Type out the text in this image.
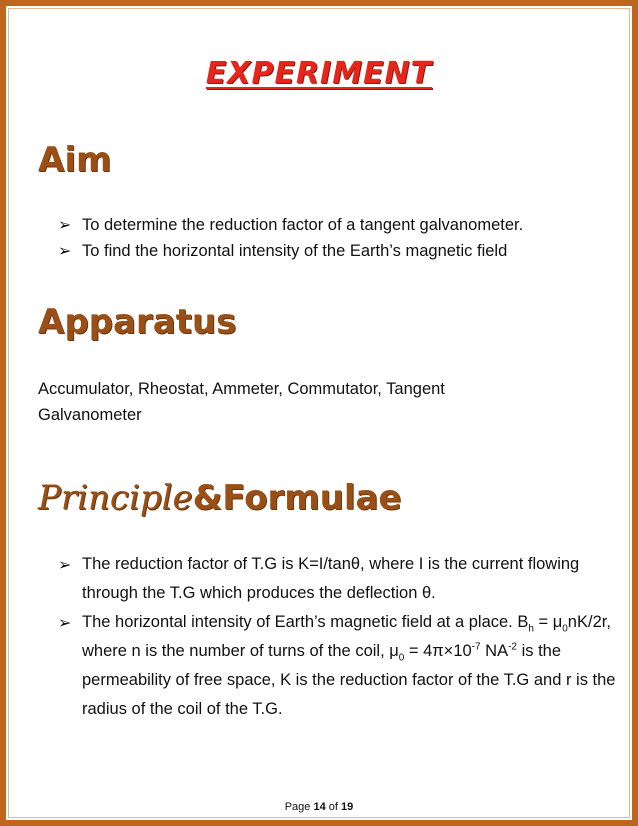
EXPERIMENT
Aim
➢ To determine the reduction factor of a tangent galvanometer.
➢ To find the horizontal intensity of the Earth’s magnetic field
Apparatus

Accumulator, Rheostat, Ammeter, Commutator, Tangent Galvanometer

Principle&Formulae
➢ The reduction factor of T.G is K=I/tanθ, where I is the current flowing through the T.G which produces the deflection θ.
➢ The horizontal intensity of Earth’s magnetic field at a place. $B_h = \mu_0nK/2r$, where n is the number of turns of the coil, $\mu_0 = 4\pi\times 10^{-7}$ $NA^{-2}$ is the permeability of free space, K is the reduction factor of the T.G and r is the radius of the coil of the T.G.
Page 14 of 19
